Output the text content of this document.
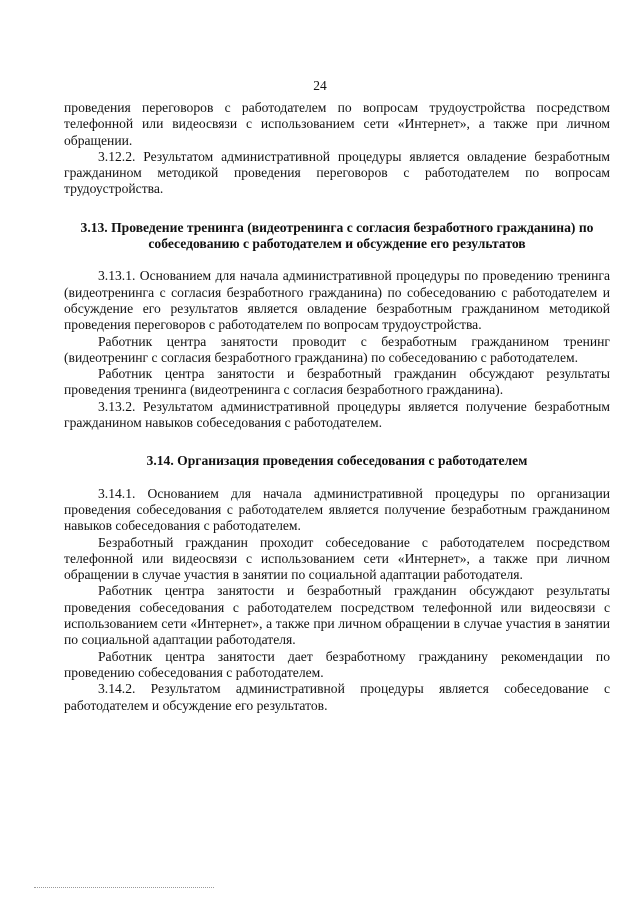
24

проведения переговоров с работодателем по вопросам трудоустройства посредством телефонной или видеосвязи с использованием сети «Интернет», а также при личном обращении.

3.12.2. Результатом административной процедуры является овладение безработным гражданином методикой проведения переговоров с работодателем по вопросам трудоустройства.

3.13. Проведение тренинга (видеотренинга с согласия безработного гражданина) по собеседованию с работодателем и обсуждение его результатов

3.13.1. Основанием для начала административной процедуры по проведению тренинга (видеотренинга с согласия безработного гражданина) по собеседованию с работодателем и обсуждение его результатов является овладение безработным гражданином методикой проведения переговоров с работодателем по вопросам трудоустройства.

Работник центра занятости проводит с безработным гражданином тренинг (видеотренинг с согласия безработного гражданина) по собеседованию с работодателем.

Работник центра занятости и безработный гражданин обсуждают результаты проведения тренинга (видеотренинга с согласия безработного гражданина).

3.13.2. Результатом административной процедуры является получение безработным гражданином навыков собеседования с работодателем.

3.14. Организация проведения собеседования с работодателем

3.14.1. Основанием для начала административной процедуры по организации проведения собеседования с работодателем является получение безработным гражданином навыков собеседования с работодателем.

Безработный гражданин проходит собеседование с работодателем посредством телефонной или видеосвязи с использованием сети «Интернет», а также при личном обращении в случае участия в занятии по социальной адаптации работодателя.

Работник центра занятости и безработный гражданин обсуждают результаты проведения собеседования с работодателем посредством телефонной или видеосвязи с использованием сети «Интернет», а также при личном обращении в случае участия в занятии по социальной адаптации работодателя.

Работник центра занятости дает безработному гражданину рекомендации по проведению собеседования с работодателем.

3.14.2. Результатом административной процедуры является собеседование с работодателем и обсуждение его результатов.
